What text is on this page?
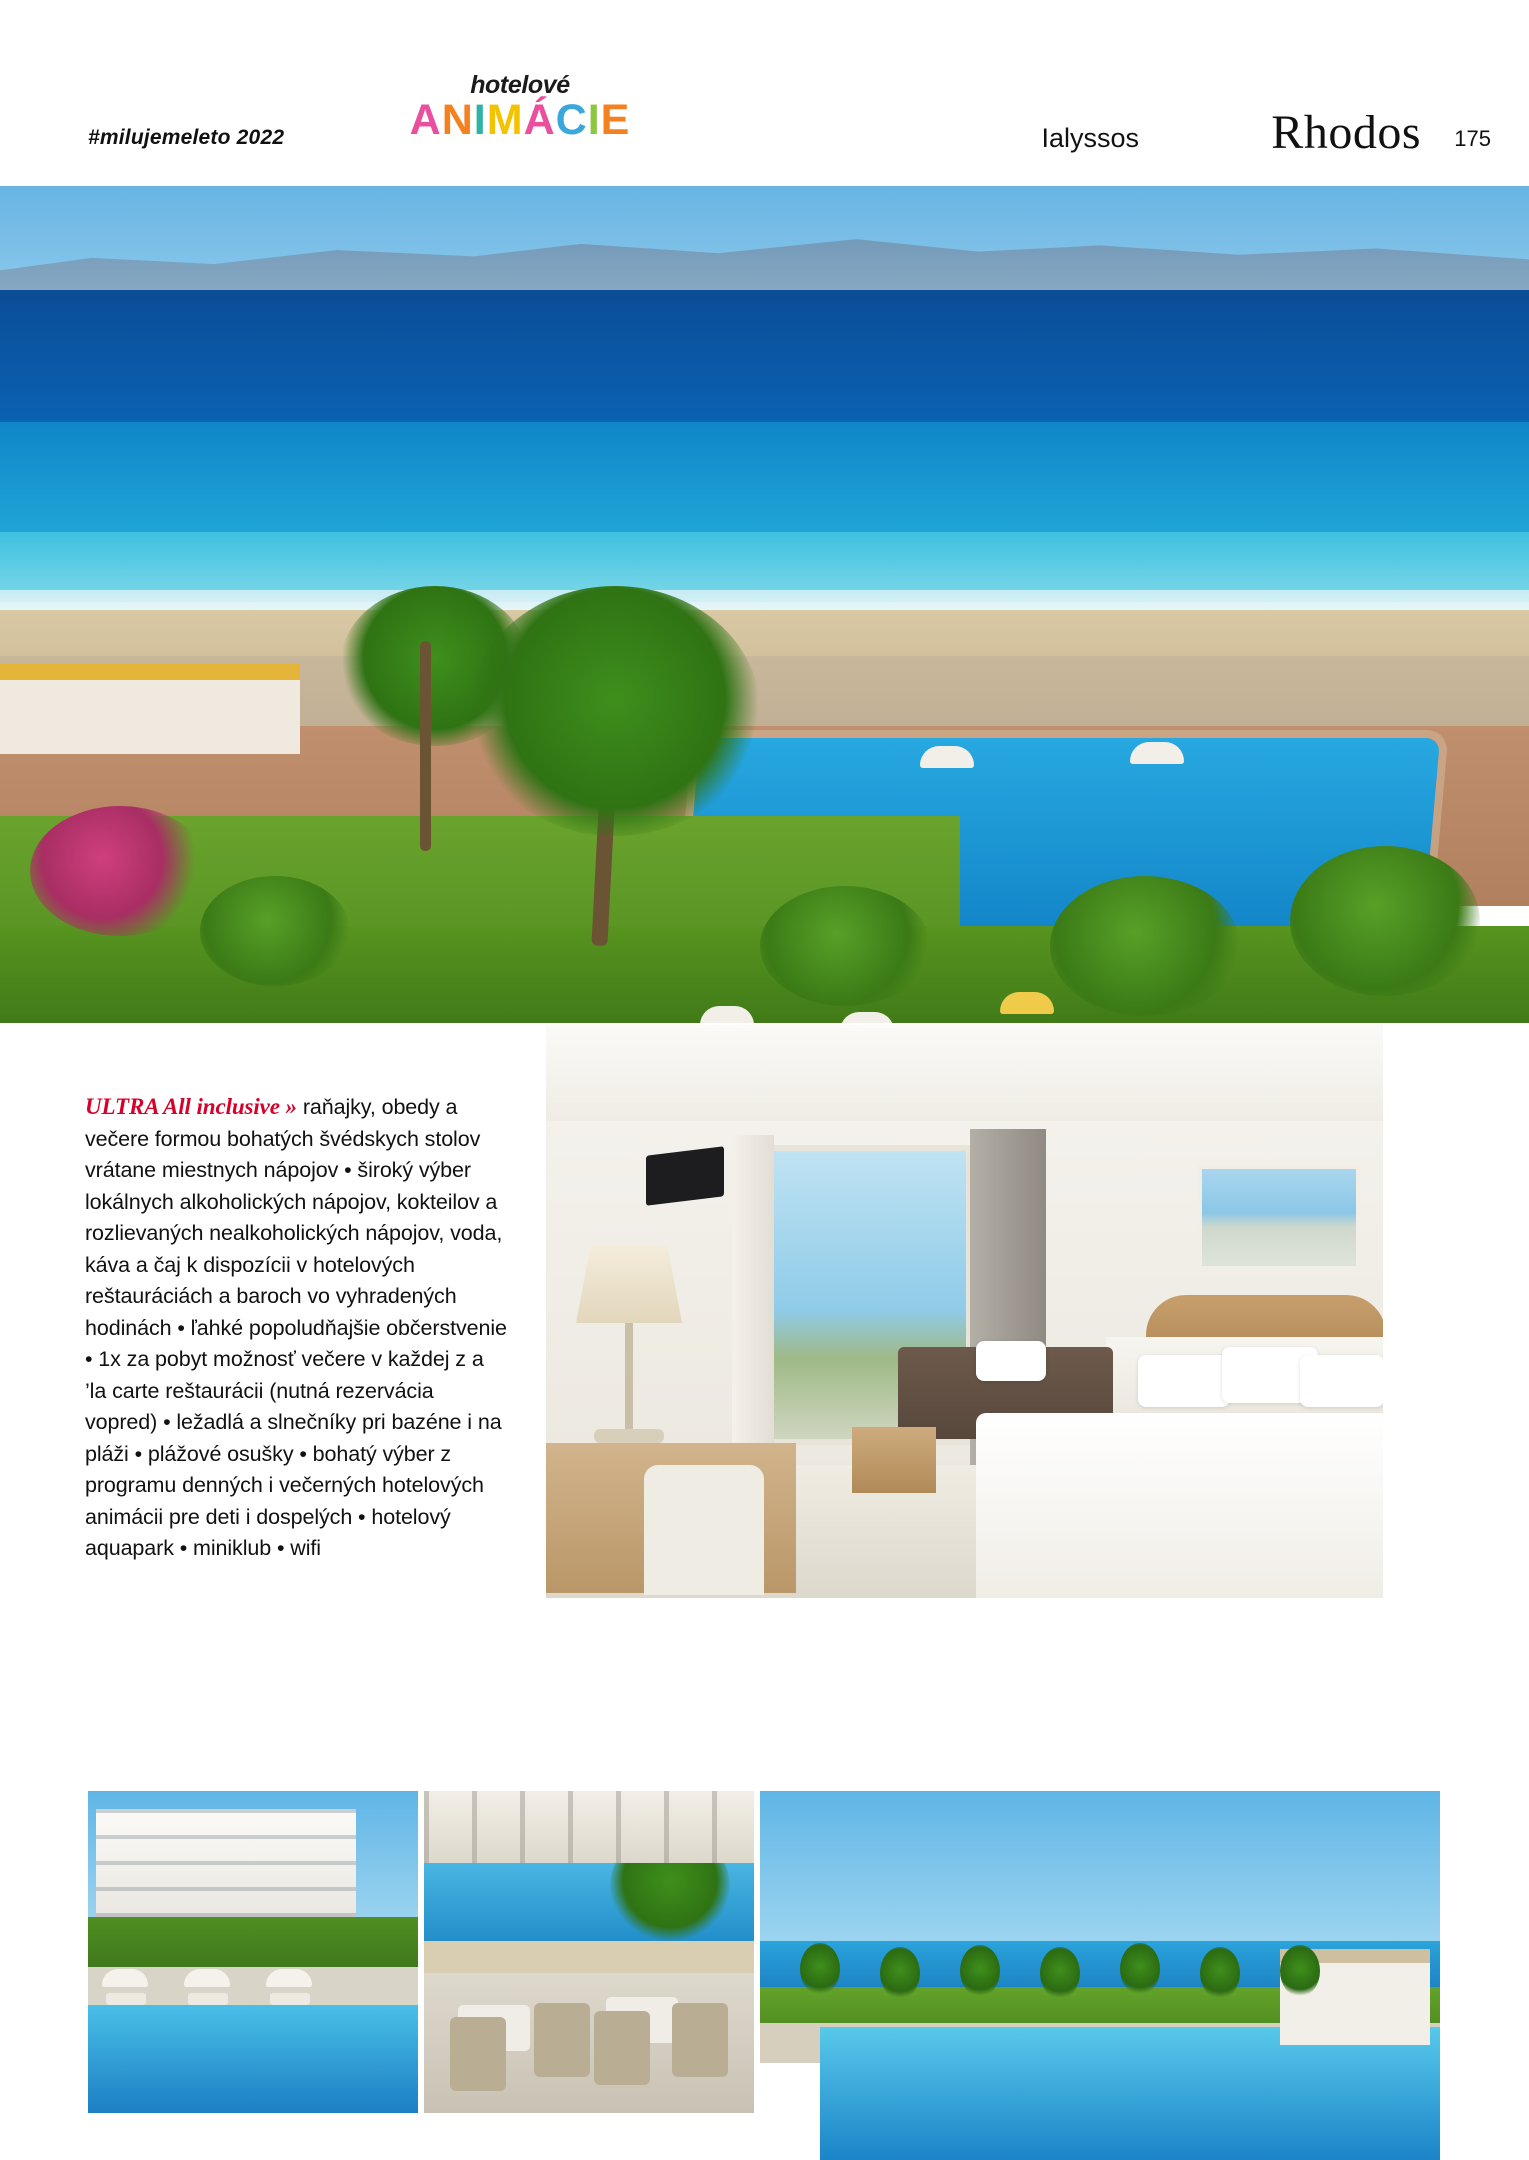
#milujemeleto 2022
hotelové
ANIMÁCIE	Ialyssos	Rhodos 175

ULTRA All inclusive » raňajky, obedy a večere formou bohatých švédskych stolov vrátane miestnych nápojov • široký výber lokálnych alkoholických nápojov, kokteilov a rozlievaných nealkoholických nápojov, voda, káva a čaj k dispozícii v hotelových reštauráciách a baroch vo vyhradených hodinách • ľahké popoludňajšie občerstvenie • 1x za pobyt možnosť večere v každej z a ’la carte reštaurácii (nutná rezervácia vopred) • ležadlá a slnečníky pri bazéne i na pláži • plážové osušky • bohatý výber z programu denných i večerných hotelových animácii pre deti i dospelých • hotelový aquapark • miniklub • wifi
